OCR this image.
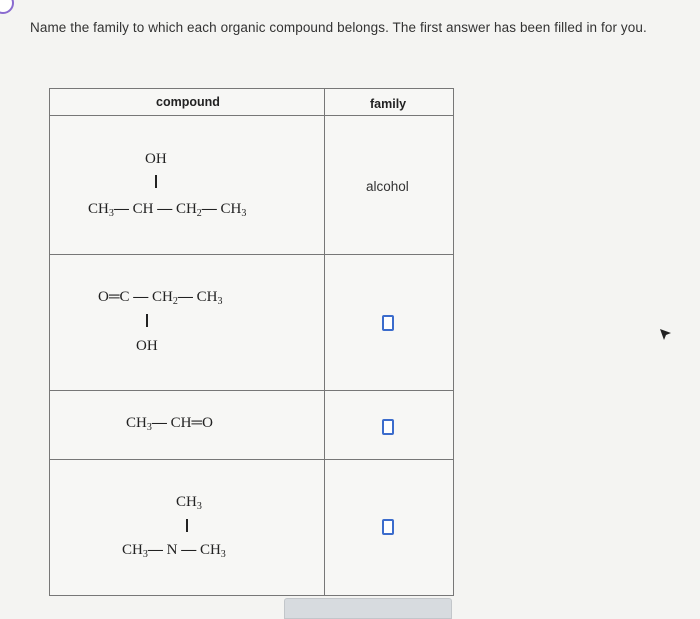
Name the family to which each organic compound belongs. The first answer has been filled in for you.
compound	family
OH
$CH_3—$ CH — $CH_2—$ $CH_3$
alcohol
O═C — $CH_2—$ $CH_3$
OH
$CH_3—$ CH═O
$CH_3$
$CH_3—$ N — $CH_3$
